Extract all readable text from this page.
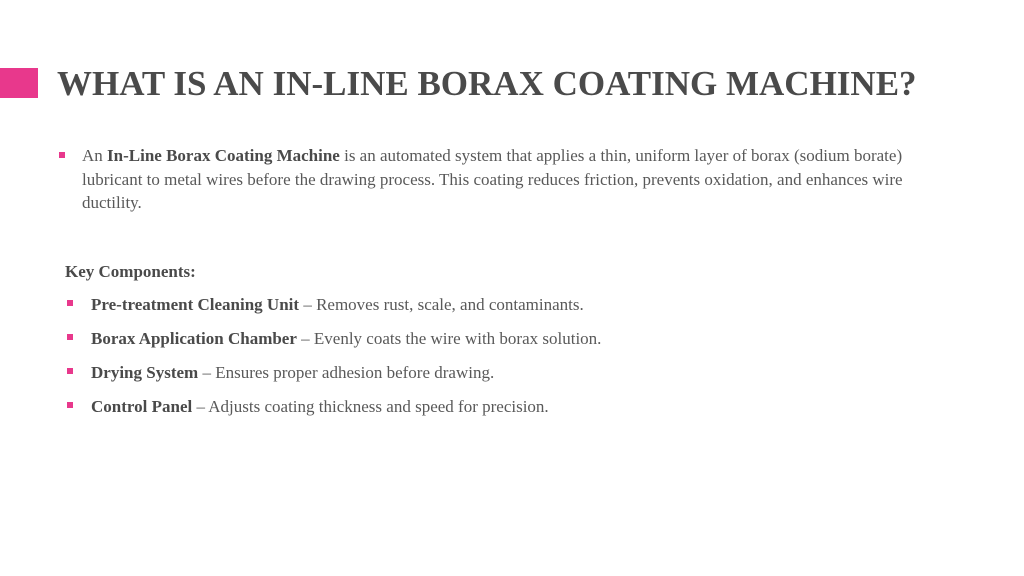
WHAT IS AN IN-LINE BORAX COATING MACHINE?

An In-Line Borax Coating Machine is an automated system that applies a thin, uniform layer of borax (sodium borate) lubricant to metal wires before the drawing process. This coating reduces friction, prevents oxidation, and enhances wire ductility.

Key Components:

Pre-treatment Cleaning Unit – Removes rust, scale, and contaminants.

Borax Application Chamber – Evenly coats the wire with borax solution.

Drying System – Ensures proper adhesion before drawing.

Control Panel – Adjusts coating thickness and speed for precision.
